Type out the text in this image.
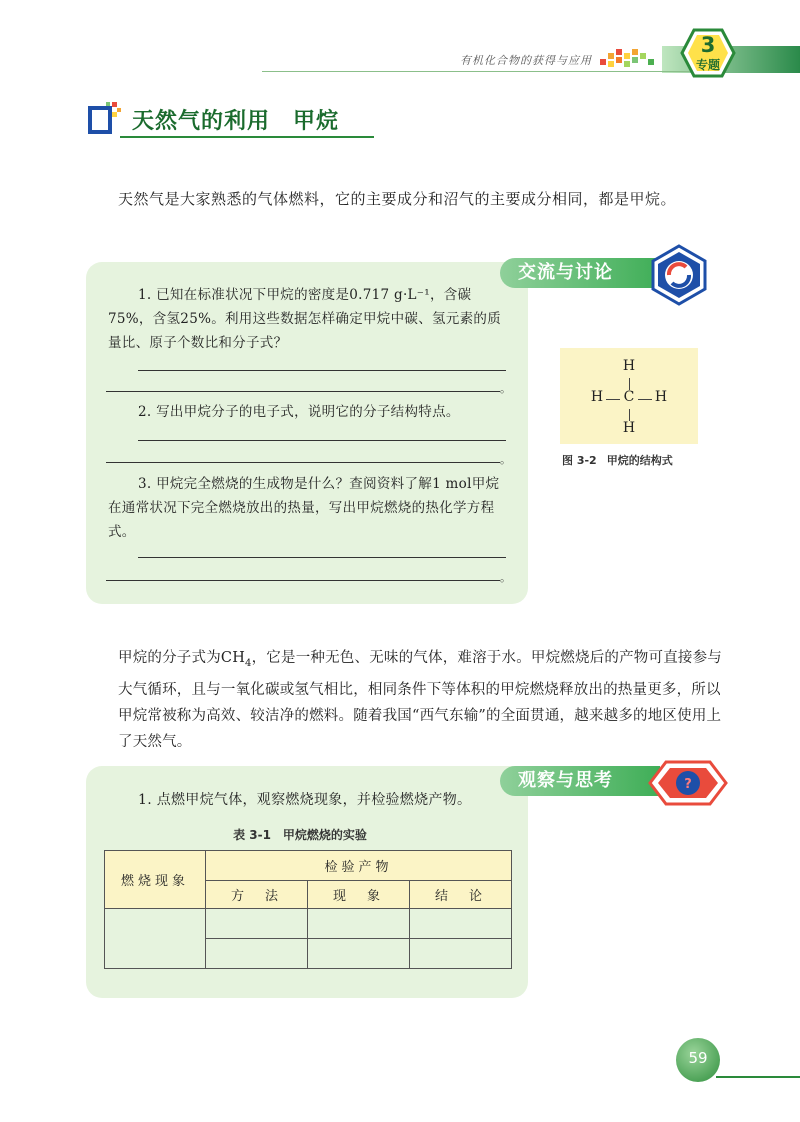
有机化合物的获得与应用
3
专题
天然气的利用　甲烷
天然气是大家熟悉的气体燃料，它的主要成分和沼气的主要成分相同，都是甲烷。
交流与讨论
1. 已知在标准状况下甲烷的密度是0.717 g·L⁻¹，含碳75%，含氢25%。利用这些数据怎样确定甲烷中碳、氢元素的质量比、原子个数比和分子式？
。
2. 写出甲烷分子的电子式，说明它的分子结构特点。
。
3. 甲烷完全燃烧的生成物是什么？查阅资料了解1 mol甲烷在通常状况下完全燃烧放出的热量，写出甲烷燃烧的热化学方程式。
。
H
H C H
H
图 3-2 甲烷的结构式
甲烷的分子式为$CH_4$，它是一种无色、无味的气体，难溶于水。甲烷燃烧后的产物可直接参与大气循环，且与一氧化碳或氢气相比，相同条件下等体积的甲烷燃烧释放出的热量更多，所以甲烷常被称为高效、较洁净的燃料。随着我国“西气东输”的全面贯通，越来越多的地区使用上了天然气。
观察与思考	?
1. 点燃甲烷气体，观察燃烧现象，并检验燃烧产物。
表 3-1 甲烷燃烧的实验
燃烧现象	检验产物		
	方　法	现　象	结　论

59
